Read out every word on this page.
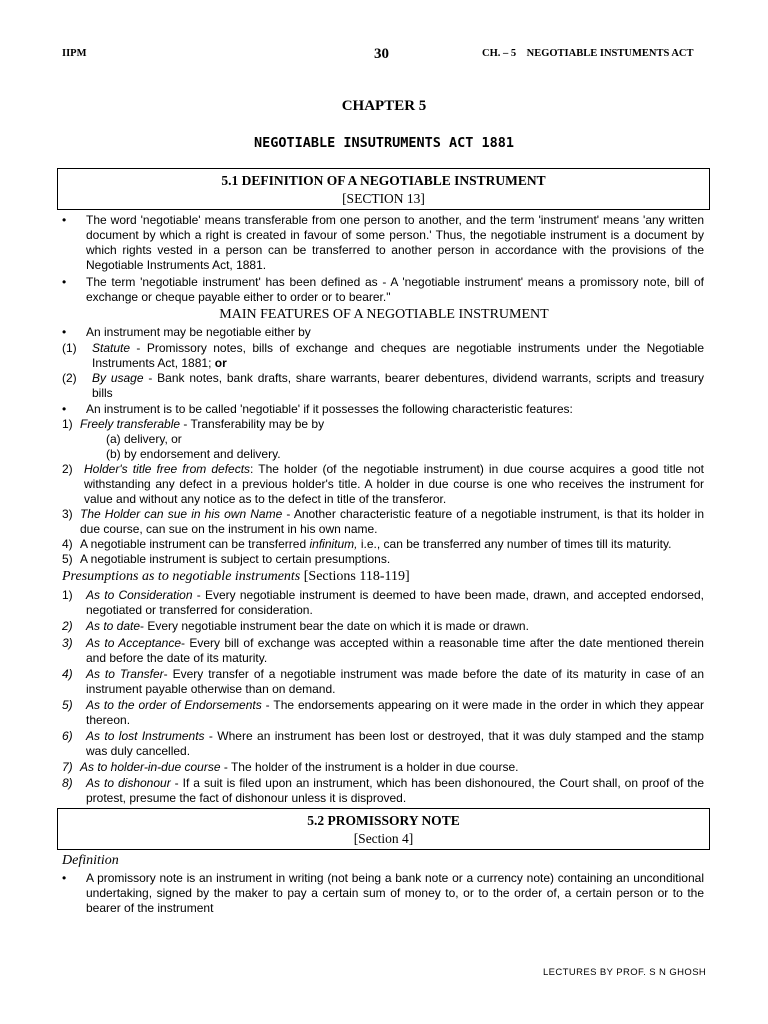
IIPM	30	CH. – 5    NEGOTIABLE INSTUMENTS ACT
CHAPTER 5
NEGOTIABLE INSUTRUMENTS ACT 1881
5.1 DEFINITION OF A NEGOTIABLE INSTRUMENT
[SECTION 13]
• The word 'negotiable' means transferable from one person to another, and the term 'instrument' means 'any written document by which a right is created in favour of some person.' Thus, the negotiable instrument is a document by which rights vested in a person can be transferred to another person in accordance with the provisions of the Negotiable Instruments Act, 1881.
• The term 'negotiable instrument' has been defined as - A 'negotiable instrument' means a promissory note, bill of exchange or cheque payable either to order or to bearer."
MAIN FEATURES OF A NEGOTIABLE INSTRUMENT
• An instrument may be negotiable either by
(1) Statute - Promissory notes, bills of exchange and cheques are negotiable instruments under the Negotiable Instruments Act, 1881; or
(2) By usage - Bank notes, bank drafts, share warrants, bearer debentures, dividend warrants, scripts and treasury bills
• An instrument is to be called 'negotiable' if it possesses the following characteristic features:
1) Freely transferable - Transferability may be by
(a) delivery, or
(b) by endorsement and delivery.
2) Holder's title free from defects: The holder (of the negotiable instrument) in due course acquires a good title not withstanding any defect in a previous holder's title. A holder in due course is one who receives the instrument for value and without any notice as to the defect in title of the transferor.
3) The Holder can sue in his own Name - Another characteristic feature of a negotiable instrument, is that its holder in due course, can sue on the instrument in his own name.
4) A negotiable instrument can be transferred infinitum, i.e., can be transferred any number of times till its maturity.
5) A negotiable instrument is subject to certain presumptions.
Presumptions as to negotiable instruments [Sections 118-119]
1) As to Consideration - Every negotiable instrument is deemed to have been made, drawn, and accepted endorsed, negotiated or transferred for consideration.
2) As to date- Every negotiable instrument bear the date on which it is made or drawn.
3) As to Acceptance- Every bill of exchange was accepted within a reasonable time after the date mentioned therein and before the date of its maturity.
4) As to Transfer- Every transfer of a negotiable instrument was made before the date of its maturity in case of an instrument payable otherwise than on demand.
5) As to the order of Endorsements - The endorsements appearing on it were made in the order in which they appear thereon.
6) As to lost Instruments - Where an instrument has been lost or destroyed, that it was duly stamped and the stamp was duly cancelled.
7) As to holder-in-due course - The holder of the instrument is a holder in due course.
8) As to dishonour - If a suit is filed upon an instrument, which has been dishonoured, the Court shall, on proof of the protest, presume the fact of dishonour unless it is disproved.
5.2 PROMISSORY NOTE
[Section 4]
Definition
• A promissory note is an instrument in writing (not being a bank note or a currency note) containing an unconditional undertaking, signed by the maker to pay a certain sum of money to, or to the order of, a certain person or to the bearer of the instrument
LECTURES BY PROF. S N GHOSH
